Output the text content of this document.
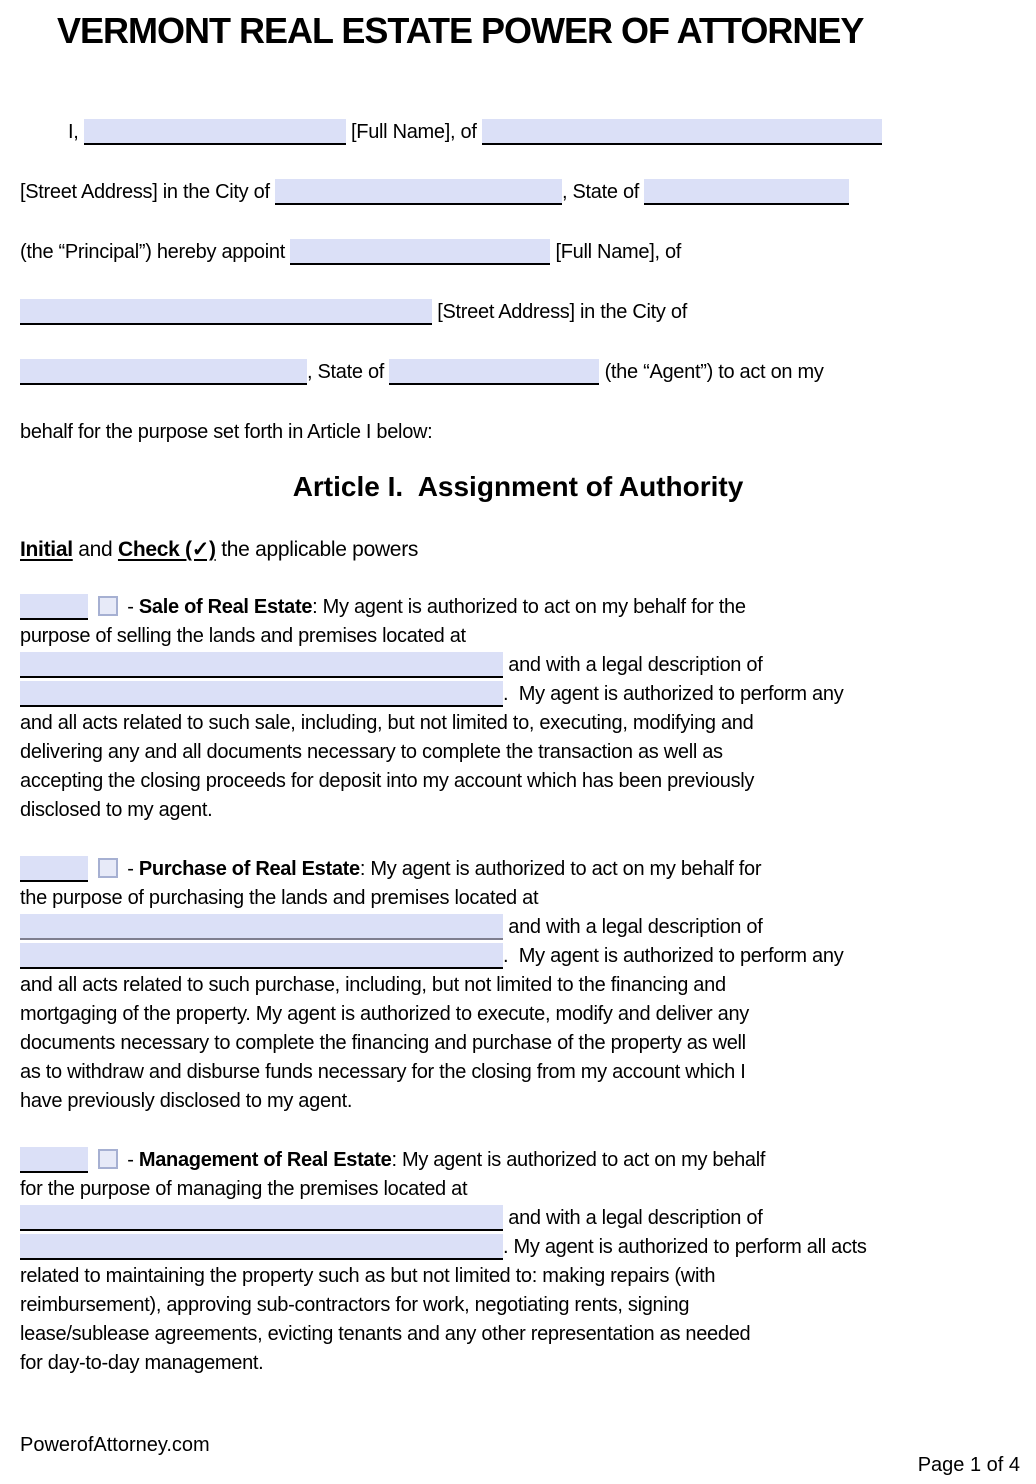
VERMONT REAL ESTATE POWER OF ATTORNEY
I,	[Full Name], of
[Street Address] in the City of	, State of
(the “Principal”) hereby appoint	[Full Name], of
[Street Address] in the City of
, State of	(the “Agent”) to act on my
behalf for the purpose set forth in Article I below:
Article I.  Assignment of Authority
Initial and Check (✓) the applicable powers
- Sale of Real Estate: My agent is authorized to act on my behalf for the
purpose of selling the lands and premises located at
and with a legal description of
.  My agent is authorized to perform any
and all acts related to such sale, including, but not limited to, executing, modifying and
delivering any and all documents necessary to complete the transaction as well as
accepting the closing proceeds for deposit into my account which has been previously
disclosed to my agent.
- Purchase of Real Estate: My agent is authorized to act on my behalf for
the purpose of purchasing the lands and premises located at
and with a legal description of
.  My agent is authorized to perform any
and all acts related to such purchase, including, but not limited to the financing and
mortgaging of the property. My agent is authorized to execute, modify and deliver any
documents necessary to complete the financing and purchase of the property as well
as to withdraw and disburse funds necessary for the closing from my account which I
have previously disclosed to my agent.
- Management of Real Estate: My agent is authorized to act on my behalf
for the purpose of managing the premises located at
and with a legal description of
. My agent is authorized to perform all acts
related to maintaining the property such as but not limited to: making repairs (with
reimbursement), approving sub-contractors for work, negotiating rents, signing
lease/sublease agreements, evicting tenants and any other representation as needed
for day-to-day management.
PowerofAttorney.com
Page 1 of 4
